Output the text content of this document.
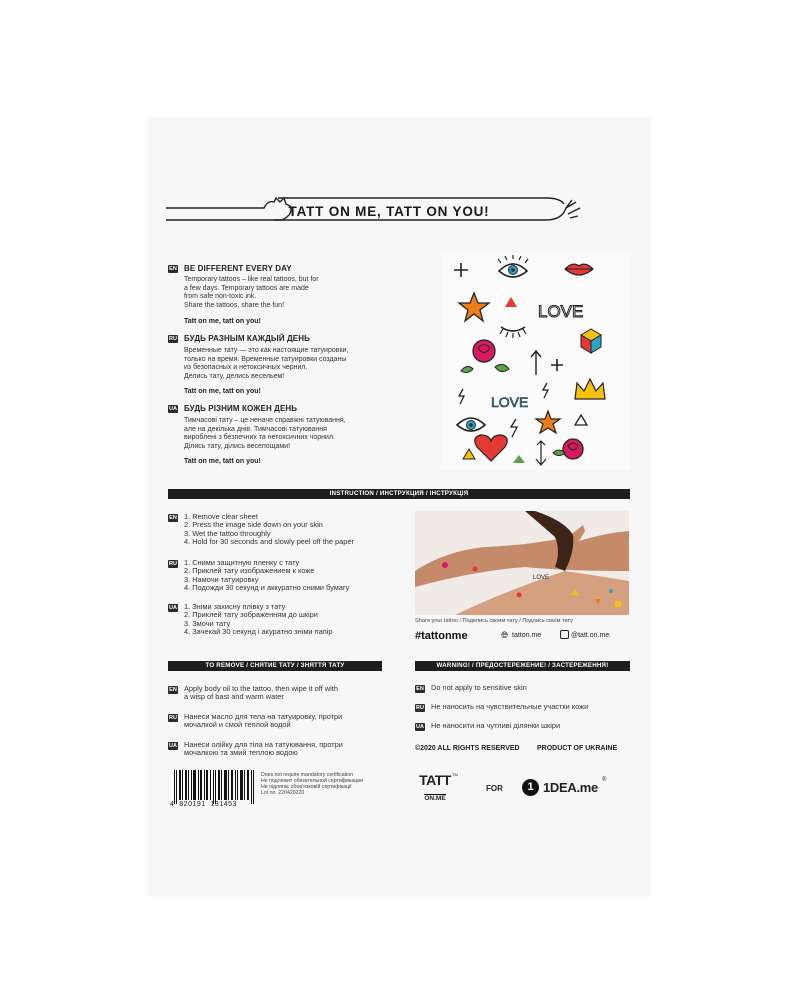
TATT ON ME, TATT ON YOU!
EN BE DIFFERENT EVERY DAY
Temporary tattoos – like real tattoos, but for
a few days. Temporary tattoos are made
from safe non-toxic ink.
Share the tattoos, share the fun!
Tatt on me, tatt on you!
RU БУДЬ РАЗНЫМ КАЖДЫЙ ДЕНЬ
Временные тату — это как настоящие татуировки,
только на время. Временные татуировки созданы
из безопасных и нетоксичных чернил.
Делись тату, делись весельем!
Tatt on me, tatt on you!
UA БУДЬ РІЗНИМ КОЖЕН ДЕНЬ
Тимчасові тату – це неначе справжні татуювання,
але на декілька днів. Тимчасові татуювання
вироблені з безпечних та нетоксичних чорнил.
Ділись тату, ділись веселощами!
Tatt on me, tatt on you!
LOVE
LOVE
INSTRUCTION / ИНСТРУКЦИЯ / ІНСТРУКЦІЯ
EN 1. Remove clear sheet
2. Press the image side down on your skin
3. Wet the tattoo throughly
4. Hold for 30 seconds and slowly peel off the paper
RU 1. Сними защитную пленку с тату
2. Приклей тату изображением к коже
3. Намочи татуировку
4. Подожди 30 секунд и аккуратно сними бумагу
UA 1. Зніми захисну плівку з тату
2. Приклей тату зображенням до шкіри
3. Змочи тату
4. Зачекай 30 секунд і акуратно зніми папір
LOVE
Share your tattoo / Поделись своим тату / Подлись своїм тату
#tattonme	🌐︎ tatton.me	@tatt.on.me
TO REMOVE / СНЯТИЕ ТАТУ / ЗНЯТТЯ ТАТУ
EN Apply body oil to the tattoo, then wipe it off with
a wisp of bast and warm water
RU Нанеси масло для тела на татуировку, протри
мочалкой и смой теплой водой
UA Нанеси олійку для тіла на татуювання, протри
мочалкою та змий теплою водою
WARNING! / ПРЕДОСТЕРЕЖЕНИЕ! / ЗАСТЕРЕЖЕННЯ!
EN Do not apply to sensitive skin
RU Не наносить на чувствительные участки кожи
UA Не наносити на чутливі ділянки шкіри
©2020 ALL RIGHTS RESERVED PRODUCT OF UKRAINE
4  820191  131453
Does not require mandatory certification
Не подлежит обязательной сертификации
Не підлягає обов'язковій сертифікації
Lot no. 220420220
TATT
ON.ME
TM
FOR	1 1DEA.me ®
